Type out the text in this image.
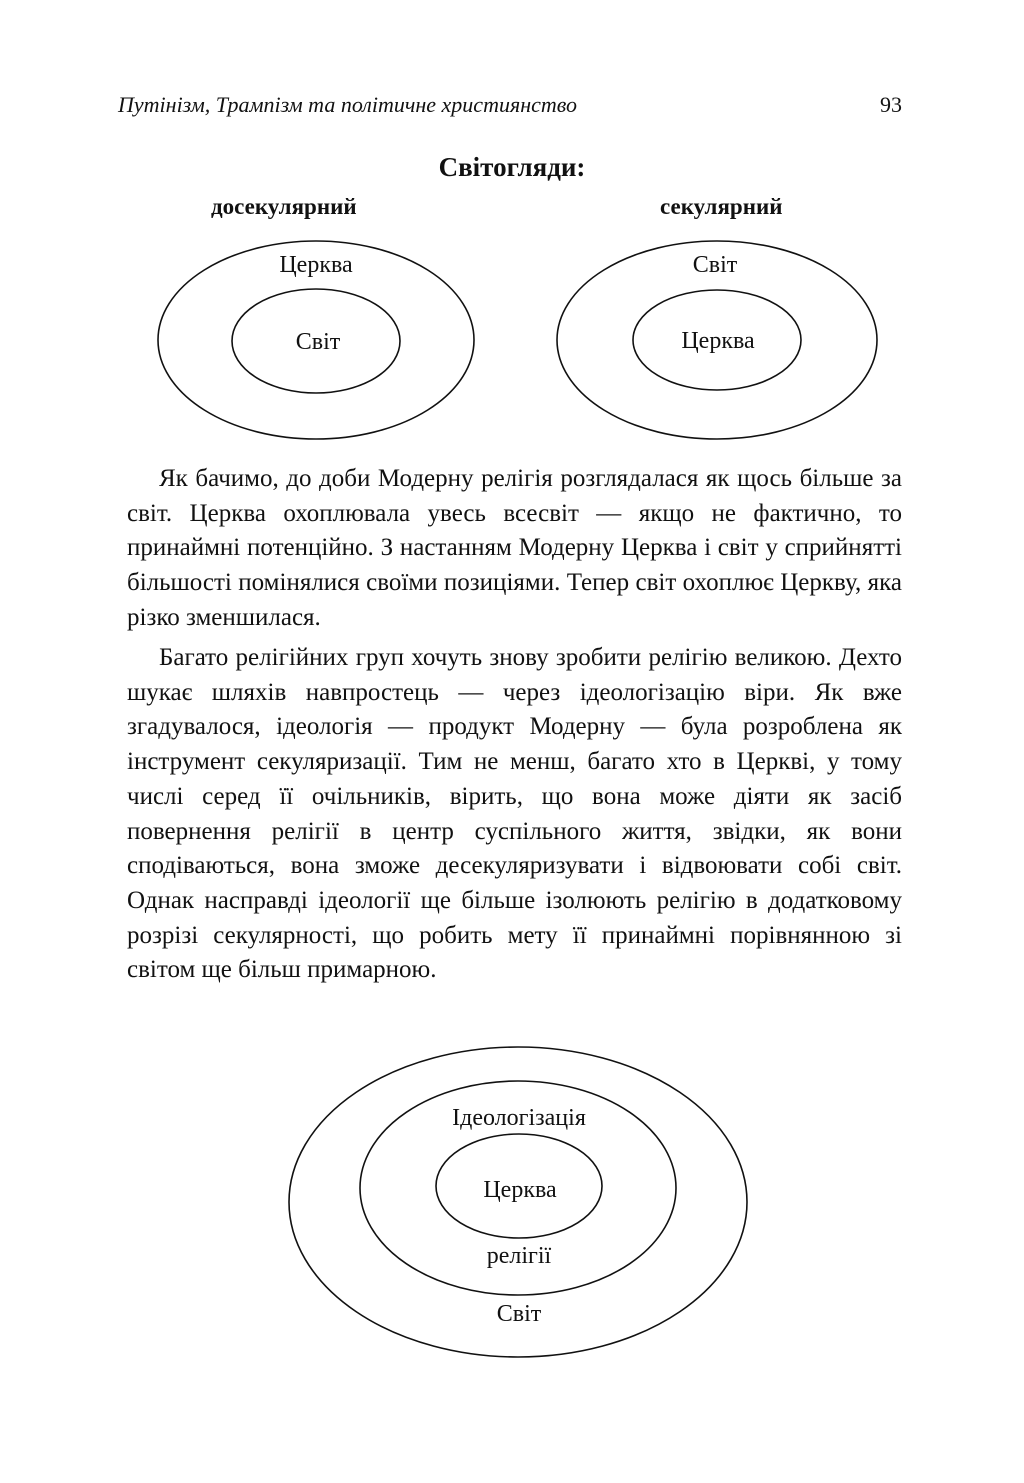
Путінізм, Трампізм та політичне християнство	93
Світогляди:
досекулярний	секулярний
Церква
Світ
Світ
Церква

Як бачимо, до доби Модерну релігія розглядалася як щось більше за світ. Церква охоплювала увесь всесвіт — якщо не фактично, то принаймні потенційно. З настанням Модерну Церква і світ у сприйнятті більшості помінялися своїми позиціями. Тепер світ охоплює Церкву, яка різко зменшилася.

Багато релігійних груп хочуть знову зробити релігію великою. Дехто шукає шляхів навпростець — через ідеологізацію віри. Як вже згадувалося, ідеологія — продукт Модерну — була розроблена як інструмент секуляризації. Тим не менш, багато хто в Церкві, у тому числі серед її очільників, вірить, що вона може діяти як засіб повернення релігії в центр суспільного життя, звідки, як вони сподіваються, вона зможе десекуляризувати і відвоювати собі світ. Однак насправді ідеології ще більше ізолюють релігію в додатковому розрізі секулярності, що робить мету її принаймні порівнянною зі світом ще більш примарною.

Ідеологізація
Церква
релігії
Світ
